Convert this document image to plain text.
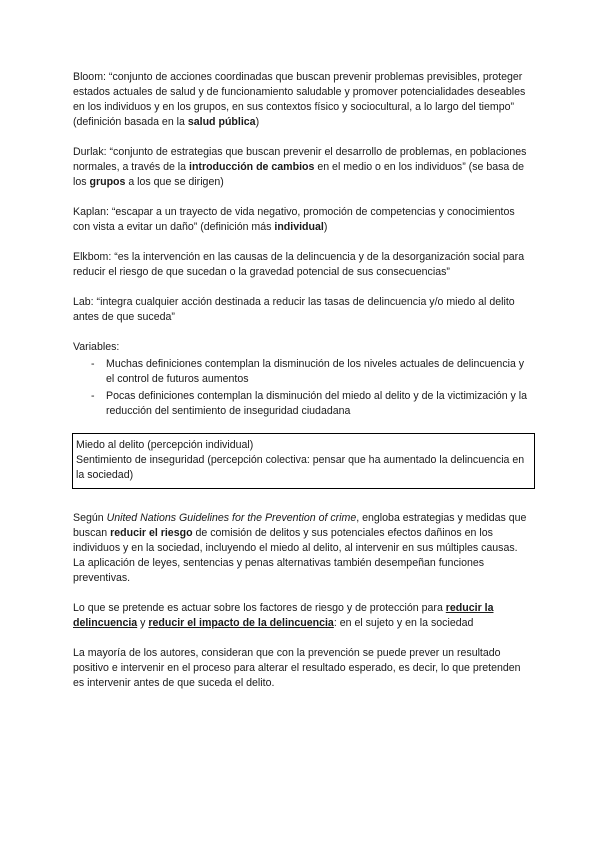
Bloom: “conjunto de acciones coordinadas que buscan prevenir problemas previsibles, proteger estados actuales de salud y de funcionamiento saludable y promover potencialidades deseables en los individuos y en los grupos, en sus contextos físico y sociocultural, a lo largo del tiempo” (definición basada en la salud pública)

Durlak: “conjunto de estrategias que buscan prevenir el desarrollo de problemas, en poblaciones normales, a través de la introducción de cambios en el medio o en los individuos” (se basa de los grupos a los que se dirigen)

Kaplan: “escapar a un trayecto de vida negativo, promoción de competencias y conocimientos con vista a evitar un daño” (definición más individual)

Elkbom: “es la intervención en las causas de la delincuencia y de la desorganización social para reducir el riesgo de que sucedan o la gravedad potencial de sus consecuencias”

Lab: “integra cualquier acción destinada a reducir las tasas de delincuencia y/o miedo al delito antes de que suceda”

Variables:

- Muchas definiciones contemplan la disminución de los niveles actuales de delincuencia y el control de futuros aumentos
- Pocas definiciones contemplan la disminución del miedo al delito y de la victimización y la reducción del sentimiento de inseguridad ciudadana
Miedo al delito (percepción individual)
Sentimiento de inseguridad (percepción colectiva: pensar que ha aumentado la delincuencia en la sociedad)

Según United Nations Guidelines for the Prevention of crime, engloba estrategias y medidas que buscan reducir el riesgo de comisión de delitos y sus potenciales efectos dañinos en los individuos y en la sociedad, incluyendo el miedo al delito, al intervenir en sus múltiples causas. La aplicación de leyes, sentencias y penas alternativas también desempeñan funciones preventivas.

Lo que se pretende es actuar sobre los factores de riesgo y de protección para reducir la delincuencia y reducir el impacto de la delincuencia: en el sujeto y en la sociedad

La mayoría de los autores, consideran que con la prevención se puede prever un resultado positivo e intervenir en el proceso para alterar el resultado esperado, es decir, lo que pretenden es intervenir antes de que suceda el delito.
